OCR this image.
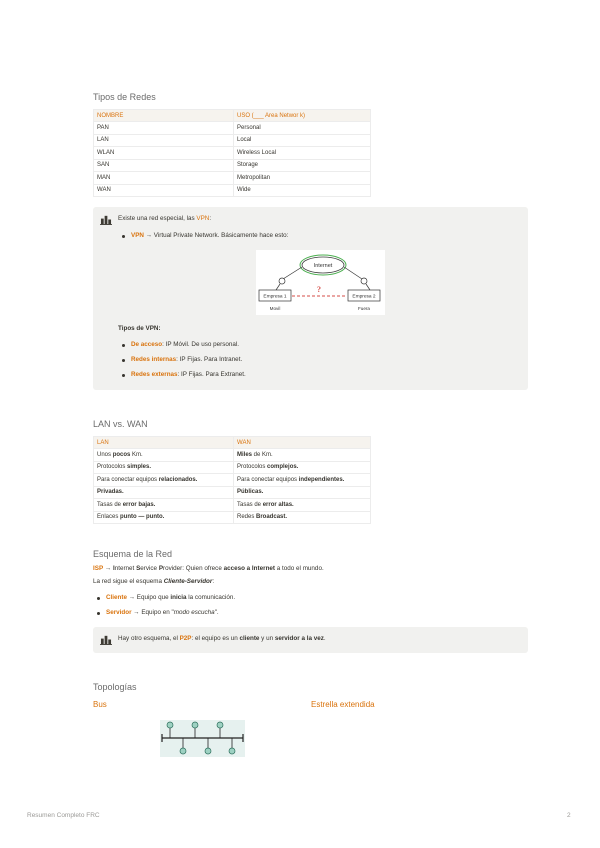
Tipos de Redes
NOMBRE	USO (___ Area Networ k)
PAN	Personal
LAN	Local
WLAN	Wireless Local
SAN	Storage
MAN	Metropolitan
WAN	Wide
Existe una red especial, las VPN:
VPN → Virtual Private Network. Básicamente hace esto:
Internet
Empresa 1	Empresa 2
?
Movil	Fuera
Tipos de VPN:
De acceso: IP Móvil. De uso personal.
Redes internas: IP Fijas. Para Intranet.
Redes externas: IP Fijas. Para Extranet.
LAN vs. WAN
LAN	WAN
Unos pocos Km.	Miles de Km.
Protocolos simples.	Protocolos complejos.
Para conectar equipos relacionados.	Para conectar equipos independientes.
Privadas.	Públicas.
Tasas de error bajas.	Tasas de error altas.
Enlaces punto — punto.	Redes Broadcast.
Esquema de la Red
ISP → Internet Service Provider: Quien ofrece acceso a Internet a todo el mundo.
La red sigue el esquema Cliente-Servidor:
Cliente → Equipo que inicia la comunicación.
Servidor → Equipo en "modo escucha".
Hay otro esquema, el P2P: el equipo es un cliente y un servidor a la vez.
Topologías
Bus	Estrella extendida
Resumen Completo FRC	2
